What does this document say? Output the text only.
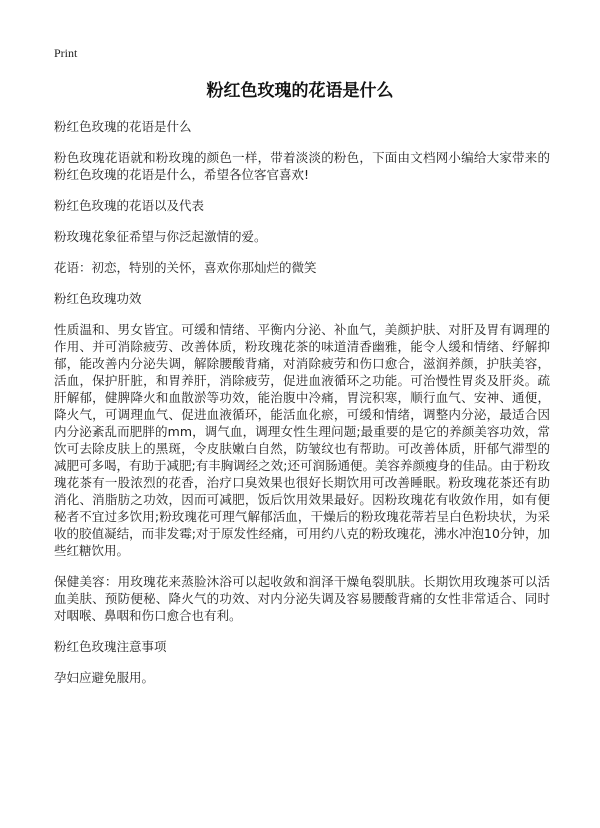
Print
粉红色玫瑰的花语是什么

粉红色玫瑰的花语是什么

粉色玫瑰花语就和粉玫瑰的颜色一样，带着淡淡的粉色，下面由文档网小编给大家带来的粉红色玫瑰的花语是什么，希望各位客官喜欢!

粉红色玫瑰的花语以及代表

粉玫瑰花象征希望与你泛起激情的爱。

花语：初恋，特别的关怀，喜欢你那灿烂的微笑

粉红色玫瑰功效

性质温和、男女皆宜。可缓和情绪、平衡内分泌、补血气，美颜护肤、对肝及胃有调理的作用、并可消除疲劳、改善体质，粉玫瑰花茶的味道清香幽雅，能令人缓和情绪、纾解抑郁，能改善内分泌失调，解除腰酸背痛，对消除疲劳和伤口愈合，滋润养颜，护肤美容，活血，保护肝脏，和胃养肝，消除疲劳，促进血液循环之功能。可治慢性胃炎及肝炎。疏肝解郁，健脾降火和血散淤等功效，能治腹中冷痛，胃浣积寒，顺行血气、安神、通便，降火气，可调理血气、促进血液循环，能活血化瘀，可缓和情绪，调整内分泌，最适合因内分泌紊乱而肥胖的mm，调气血，调理女性生理问题;最重要的是它的养颜美容功效，常饮可去除皮肤上的黑斑，令皮肤嫩白自然，防皱纹也有帮助。可改善体质，肝郁气滞型的减肥可多喝，有助于减肥;有丰胸调经之效;还可润肠通便。美容养颜瘦身的佳品。由于粉玫瑰花茶有一股浓烈的花香，治疗口臭效果也很好长期饮用可改善睡眠。粉玫瑰花茶还有助消化、消脂肪之功效，因而可减肥，饭后饮用效果最好。因粉玫瑰花有收敛作用，如有便秘者不宜过多饮用;粉玫瑰花可理气解郁活血，干燥后的粉玫瑰花蒂若呈白色粉块状，为采收的胶值凝结，而非发霉;对于原发性经痛，可用约八克的粉玫瑰花，沸水冲泡10分钟，加些红糖饮用。

保健美容：用玫瑰花来蒸脸沐浴可以起收敛和润泽干燥龟裂肌肤。长期饮用玫瑰茶可以活血美肤、预防便秘、降火气的功效、对内分泌失调及容易腰酸背痛的女性非常适合、同时对咽喉、鼻咽和伤口愈合也有利。

粉红色玫瑰注意事项

孕妇应避免服用。
